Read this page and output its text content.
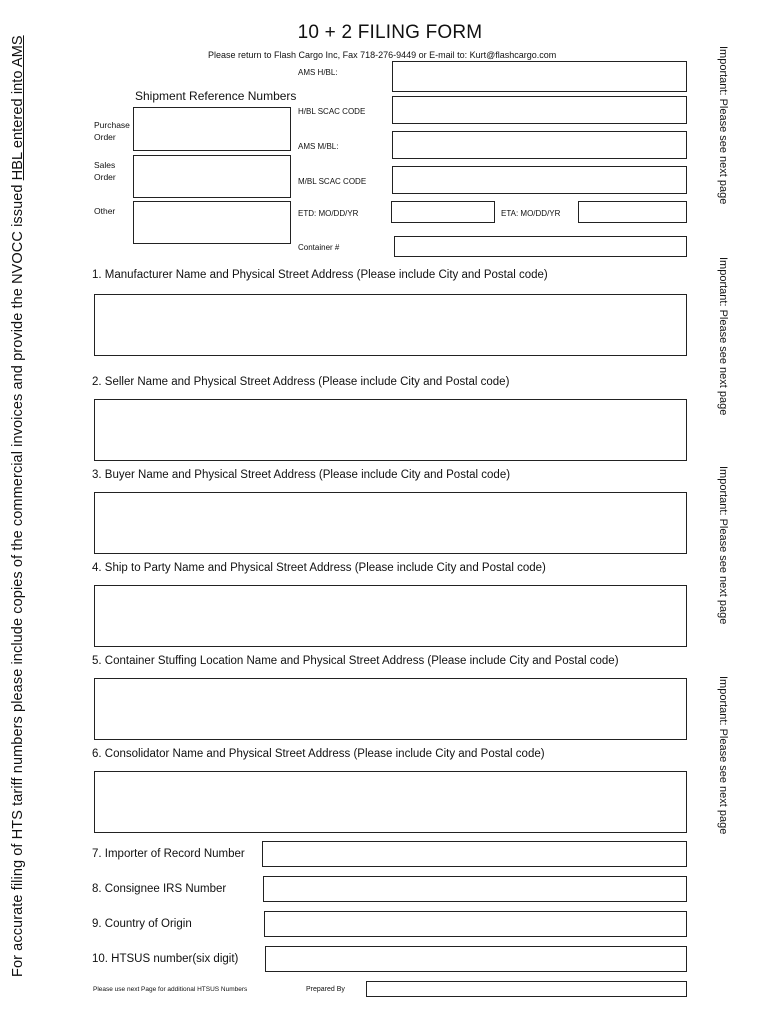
10 + 2 FILING FORM
Please return to Flash Cargo Inc, Fax 718-276-9449 or E-mail to: Kurt@flashcargo.com
For accurate filing of HTS tariff numbers please include copies of the commercial invoices and provide the NVOCC issued HBL entered into AMS	Important: Please see next page
Important: Please see next page
Important: Please see next page
Important: Please see next page
Shipment Reference Numbers
Purchase Order
Sales Order
Other
AMS H/BL:
H/BL SCAC CODE
AMS M/BL:
M/BL SCAC CODE
ETD: MO/DD/YR	ETA: MO/DD/YR
Container #
1. Manufacturer Name and Physical Street Address (Please include City and Postal code)
2. Seller Name and Physical Street Address (Please include City and Postal code)
3. Buyer Name and Physical Street Address (Please include City and Postal code)
4. Ship to Party Name and Physical Street Address (Please include City and Postal code)
5. Container Stuffing Location Name and Physical Street Address (Please include City and Postal code)
6. Consolidator Name and Physical Street Address (Please include City and Postal code)
7. Importer of Record Number
8. Consignee IRS Number
9. Country of Origin
10. HTSUS number(six digit)
Please use next Page for additional HTSUS Numbers	Prepared By
